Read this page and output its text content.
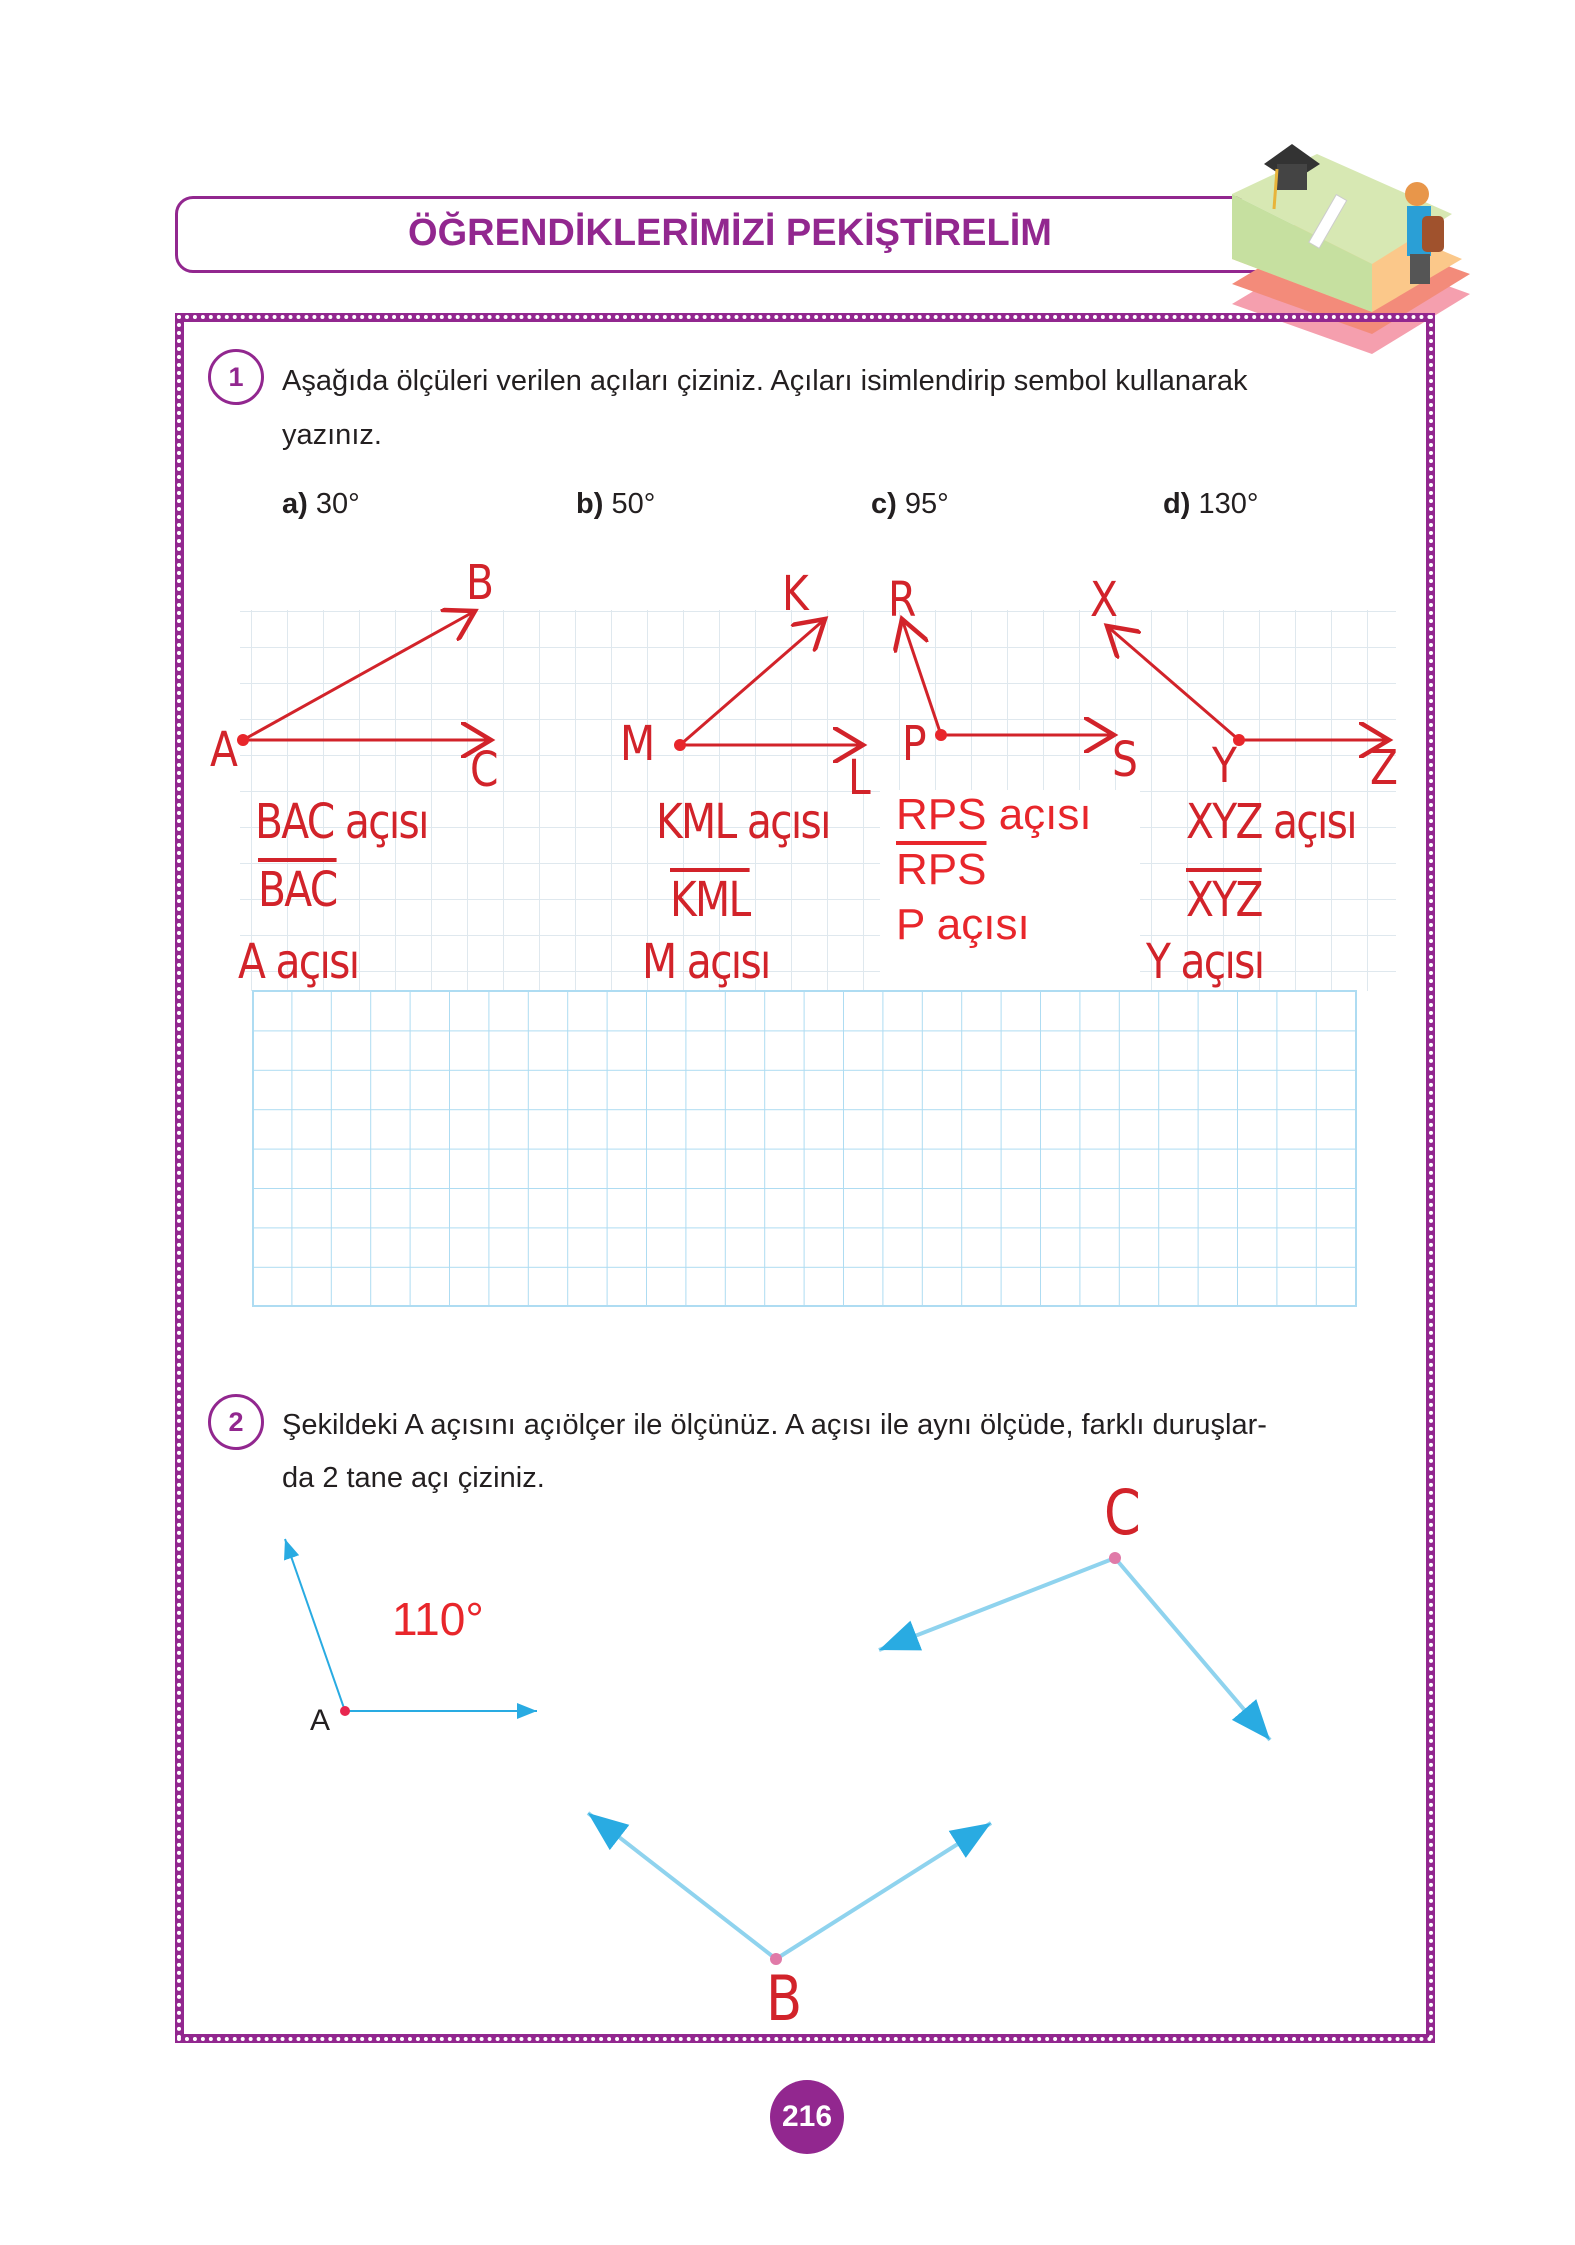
ÖĞRENDİKLERİMİZİ PEKİŞTİRELİM
1	Aşağıda ölçüleri verilen açıları çiziniz. Açıları isimlendirip sembol kullanarak
yazınız.
a) 30°	b) 50°	c) 95°	d) 130°
B
A	C
K
M
L
R
P	S
X
Y	Z
BAC açısı
$\overline{BAC}$
A açısı
KML açısı
$\overline{KML}$
M açısı
RPS açısı
$\overline{RPS}$
P açısı
XYZ açısı
$\overline{XYZ}$
Y açısı
2	Şekildeki A açısını açıölçer ile ölçünüz. A açısı ile aynı ölçüde, farklı duruşlar-
da 2 tane açı çiziniz.
A
110°
C
B
216
